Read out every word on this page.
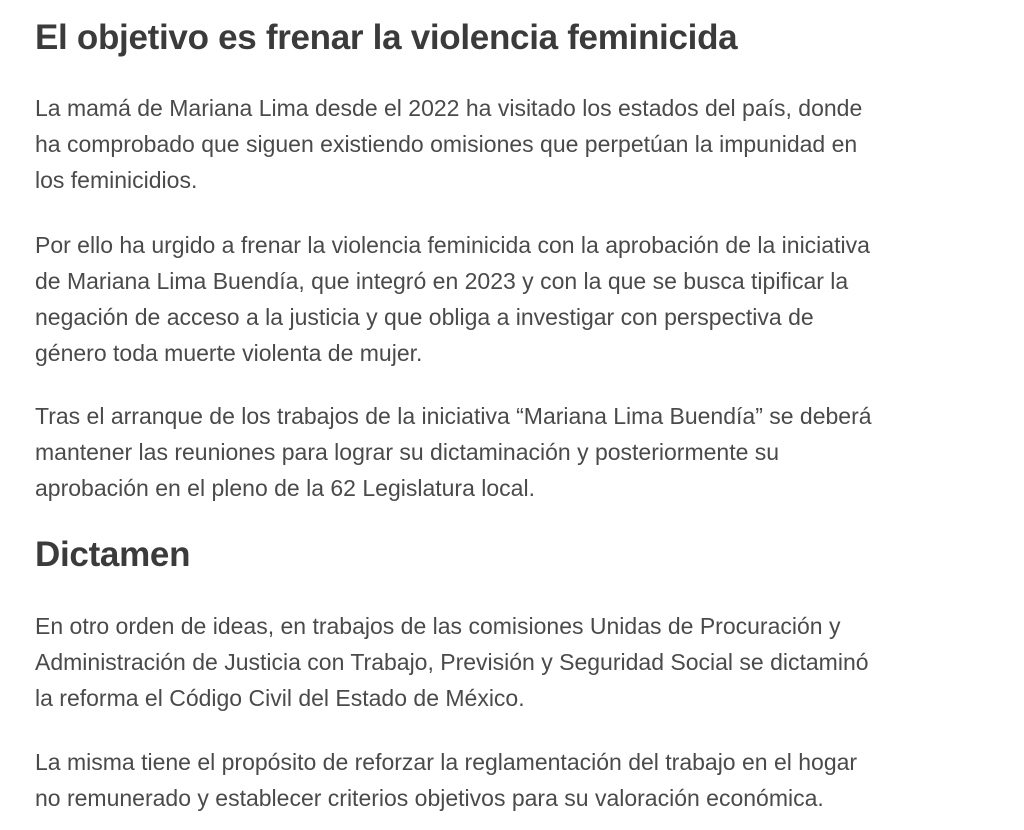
El objetivo es frenar la violencia feminicida

La mamá de Mariana Lima desde el 2022 ha visitado los estados del país, donde
ha comprobado que siguen existiendo omisiones que perpetúan la impunidad en
los feminicidios.

Por ello ha urgido a frenar la violencia feminicida con la aprobación de la iniciativa
de Mariana Lima Buendía, que integró en 2023 y con la que se busca tipificar la
negación de acceso a la justicia y que obliga a investigar con perspectiva de
género toda muerte violenta de mujer.

Tras el arranque de los trabajos de la iniciativa “Mariana Lima Buendía” se deberá
mantener las reuniones para lograr su dictaminación y posteriormente su
aprobación en el pleno de la 62 Legislatura local.

Dictamen

En otro orden de ideas, en trabajos de las comisiones Unidas de Procuración y
Administración de Justicia con Trabajo, Previsión y Seguridad Social se dictaminó
la reforma el Código Civil del Estado de México.

La misma tiene el propósito de reforzar la reglamentación del trabajo en el hogar
no remunerado y establecer criterios objetivos para su valoración económica.
